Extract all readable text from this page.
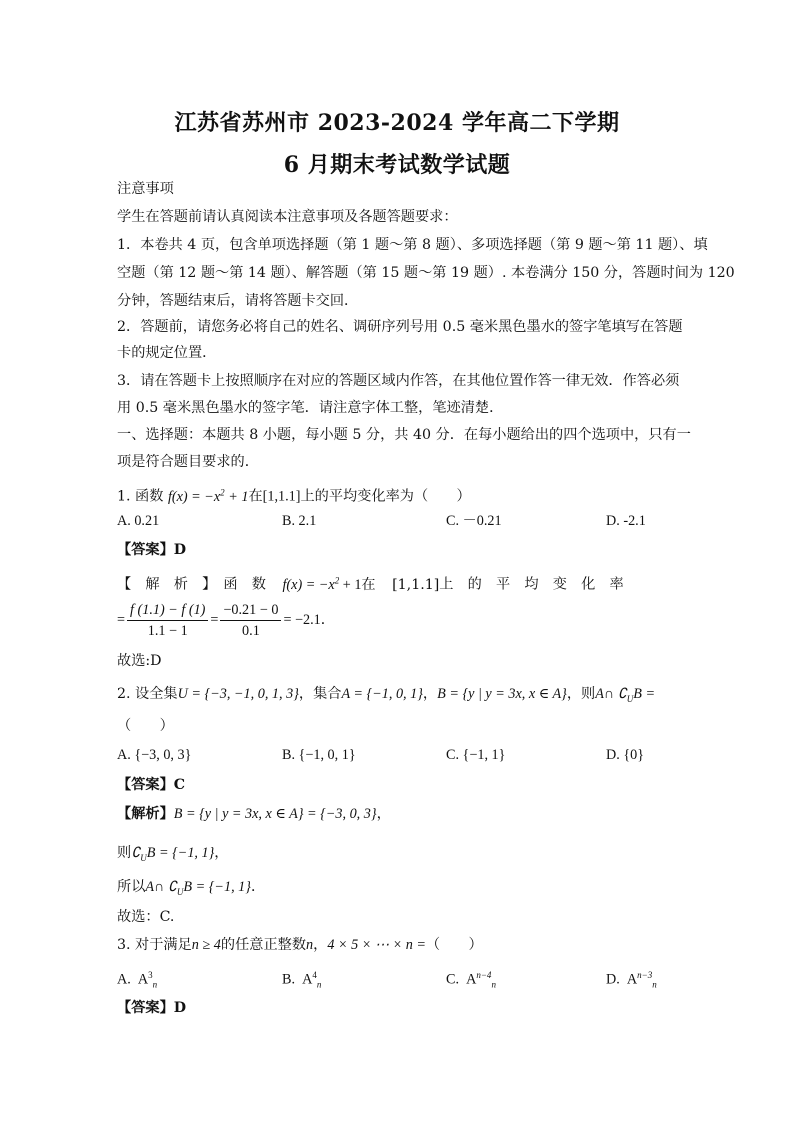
江苏省苏州市 2023-2024 学年高二下学期
6 月期末考试数学试题
注意事项
学生在答题前请认真阅读本注意事项及各题答题要求：
1．本卷共 4 页，包含单项选择题（第 1 题～第 8 题）、多项选择题（第 9 题～第 11 题）、填
空题（第 12 题～第 14 题）、解答题（第 15 题～第 19 题）. 本卷满分 150 分，答题时间为 120
分钟，答题结束后，请将答题卡交回．
2．答题前，请您务必将自己的姓名、调研序列号用 0.5 毫米黑色墨水的签字笔填写在答题
卡的规定位置．
3．请在答题卡上按照顺序在对应的答题区域内作答，在其他位置作答一律无效．作答必须
用 0.5 毫米黑色墨水的签字笔．请注意字体工整，笔迹清楚．
一、选择题：本题共 8 小题，每小题 5 分，共 40 分．在每小题给出的四个选项中，只有一
项是符合题目要求的．
1. 函数 $f(x) = -x^2 + 1$在[1,1.1]上的平均变化率为（　　）
A. 0.21	B. 2.1	C. －0.21	D. -2.1
【答案】D
【　解　析　】　函　数 $f(x) = -x^2 + 1$在 [1,1.1]上　的　平　均　变　化　率
= $\frac{f (1.1) - f (1)}{1.1 - 1} = \frac{-0.21 - 0}{0.1} = -2.1$．
故选:D
2. 设全集U = {−3, −1, 0, 1, 3}，集合A = {−1, 0, 1}，B = {y | y = 3x, x ∈ A}，则A∩ $∁_UB$ =
（　　）
A. {−3, 0, 3}	B. {−1, 0, 1}	C. {−1, 1}	D. {0}
【答案】C
【解析】B = {y | y = 3x, x ∈ A} = {−3, 0, 3}，
则$∁_UB = \{-1$, 1}，
所以A∩ $∁_UB = \{-1$, 1}．
故选：C.
3. 对于满足n ≥ 4的任意正整数n，4 × 5 × ⋯ × n =（　　）
A.  $A^3_n$	B.  $A^4_n$	C.  $A^{n-4}_n$	D.  $A^{n-3}_n$
【答案】D
